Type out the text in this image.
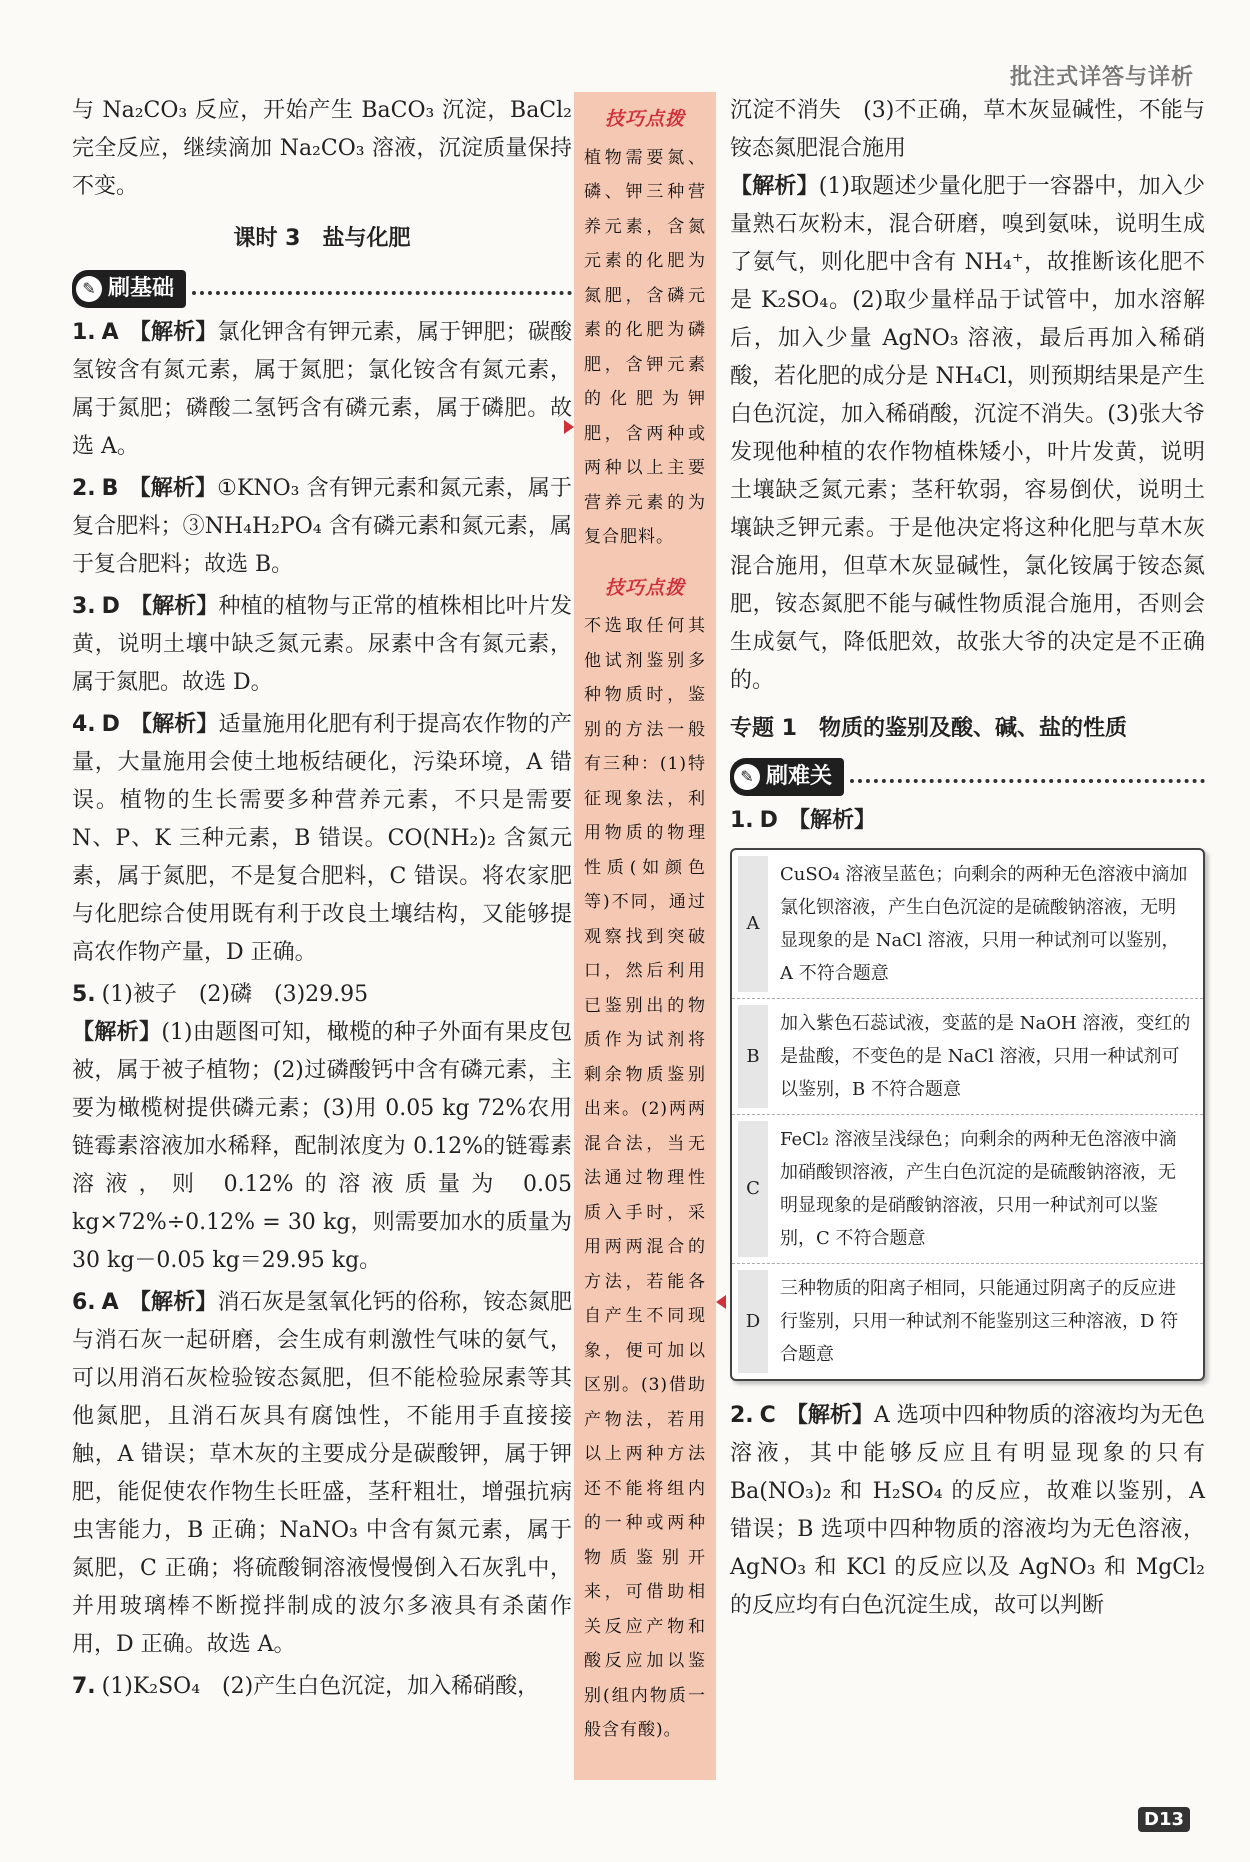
批注式详答与详析

与 Na₂CO₃ 反应，开始产生 BaCO₃ 沉淀，BaCl₂ 完全反应，继续滴加 Na₂CO₃ 溶液，沉淀质量保持不变。

课时 3　盐与化肥
✎ 刷基础

1. A 【解析】氯化钾含有钾元素，属于钾肥；碳酸氢铵含有氮元素，属于氮肥；氯化铵含有氮元素，属于氮肥；磷酸二氢钙含有磷元素，属于磷肥。故选 A。

2. B 【解析】①KNO₃ 含有钾元素和氮元素，属于复合肥料；③NH₄H₂PO₄ 含有磷元素和氮元素，属于复合肥料；故选 B。

3. D 【解析】种植的植物与正常的植株相比叶片发黄，说明土壤中缺乏氮元素。尿素中含有氮元素，属于氮肥。故选 D。

4. D 【解析】适量施用化肥有利于提高农作物的产量，大量施用会使土地板结硬化，污染环境，A 错误。植物的生长需要多种营养元素，不只是需要 N、P、K 三种元素，B 错误。CO(NH₂)₂ 含氮元素，属于氮肥，不是复合肥料，C 错误。将农家肥与化肥综合使用既有利于改良土壤结构，又能够提高农作物产量，D 正确。

5. (1)被子　(2)磷　(3)29.95
【解析】(1)由题图可知，橄榄的种子外面有果皮包被，属于被子植物；(2)过磷酸钙中含有磷元素，主要为橄榄树提供磷元素；(3)用 0.05 kg 72%农用链霉素溶液加水稀释，配制浓度为 0.12%的链霉素溶液，则 0.12%的溶液质量为 0.05 kg×72%÷0.12% = 30 kg，则需要加水的质量为 30 kg－0.05 kg＝29.95 kg。

6. A 【解析】消石灰是氢氧化钙的俗称，铵态氮肥与消石灰一起研磨，会生成有刺激性气味的氨气，可以用消石灰检验铵态氮肥，但不能检验尿素等其他氮肥，且消石灰具有腐蚀性，不能用手直接接触，A 错误；草木灰的主要成分是碳酸钾，属于钾肥，能促使农作物生长旺盛，茎秆粗壮，增强抗病虫害能力，B 正确；NaNO₃ 中含有氮元素，属于氮肥，C 正确；将硫酸铜溶液慢慢倒入石灰乳中，并用玻璃棒不断搅拌制成的波尔多液具有杀菌作用，D 正确。故选 A。

7. (1)K₂SO₄　(2)产生白色沉淀，加入稀硝酸，

技巧点拨
植物需要氮、磷、钾三种营养元素，含氮元素的化肥为氮肥，含磷元素的化肥为磷肥，含钾元素的化肥为钾肥，含两种或两种以上主要营养元素的为复合肥料。
技巧点拨
不选取任何其他试剂鉴别多种物质时，鉴别的方法一般有三种：(1)特征现象法，利用物质的物理性质(如颜色等)不同，通过观察找到突破口，然后利用已鉴别出的物质作为试剂将剩余物质鉴别出来。(2)两两混合法，当无法通过物理性质入手时，采用两两混合的方法，若能各自产生不同现象，便可加以区别。(3)借助产物法，若用以上两种方法还不能将组内的一种或两种物质鉴别开来，可借助相关反应产物和酸反应加以鉴别(组内物质一般含有酸)。

沉淀不消失　(3)不正确，草木灰显碱性，不能与铵态氮肥混合施用

【解析】(1)取题述少量化肥于一容器中，加入少量熟石灰粉末，混合研磨，嗅到氨味，说明生成了氨气，则化肥中含有 NH₄⁺，故推断该化肥不是 K₂SO₄。(2)取少量样品于试管中，加水溶解后，加入少量 AgNO₃ 溶液，最后再加入稀硝酸，若化肥的成分是 NH₄Cl，则预期结果是产生白色沉淀，加入稀硝酸，沉淀不消失。(3)张大爷发现他种植的农作物植株矮小，叶片发黄，说明土壤缺乏氮元素；茎秆软弱，容易倒伏，说明土壤缺乏钾元素。于是他决定将这种化肥与草木灰混合施用，但草木灰显碱性，氯化铵属于铵态氮肥，铵态氮肥不能与碱性物质混合施用，否则会生成氨气，降低肥效，故张大爷的决定是不正确的。

专题 1　物质的鉴别及酸、碱、盐的性质
✎ 刷难关

1. D 【解析】

A
CuSO₄ 溶液呈蓝色；向剩余的两种无色溶液中滴加氯化钡溶液，产生白色沉淀的是硫酸钠溶液，无明显现象的是 NaCl 溶液，只用一种试剂可以鉴别，A 不符合题意
B
加入紫色石蕊试液，变蓝的是 NaOH 溶液，变红的是盐酸，不变色的是 NaCl 溶液，只用一种试剂可以鉴别，B 不符合题意
C
FeCl₂ 溶液呈浅绿色；向剩余的两种无色溶液中滴加硝酸钡溶液，产生白色沉淀的是硫酸钠溶液，无明显现象的是硝酸钠溶液，只用一种试剂可以鉴别，C 不符合题意
D
三种物质的阳离子相同，只能通过阴离子的反应进行鉴别，只用一种试剂不能鉴别这三种溶液，D 符合题意

2. C 【解析】A 选项中四种物质的溶液均为无色溶液，其中能够反应且有明显现象的只有 Ba(NO₃)₂ 和 H₂SO₄ 的反应，故难以鉴别，A 错误；B 选项中四种物质的溶液均为无色溶液，AgNO₃ 和 KCl 的反应以及 AgNO₃ 和 MgCl₂ 的反应均有白色沉淀生成，故可以判断

D13
